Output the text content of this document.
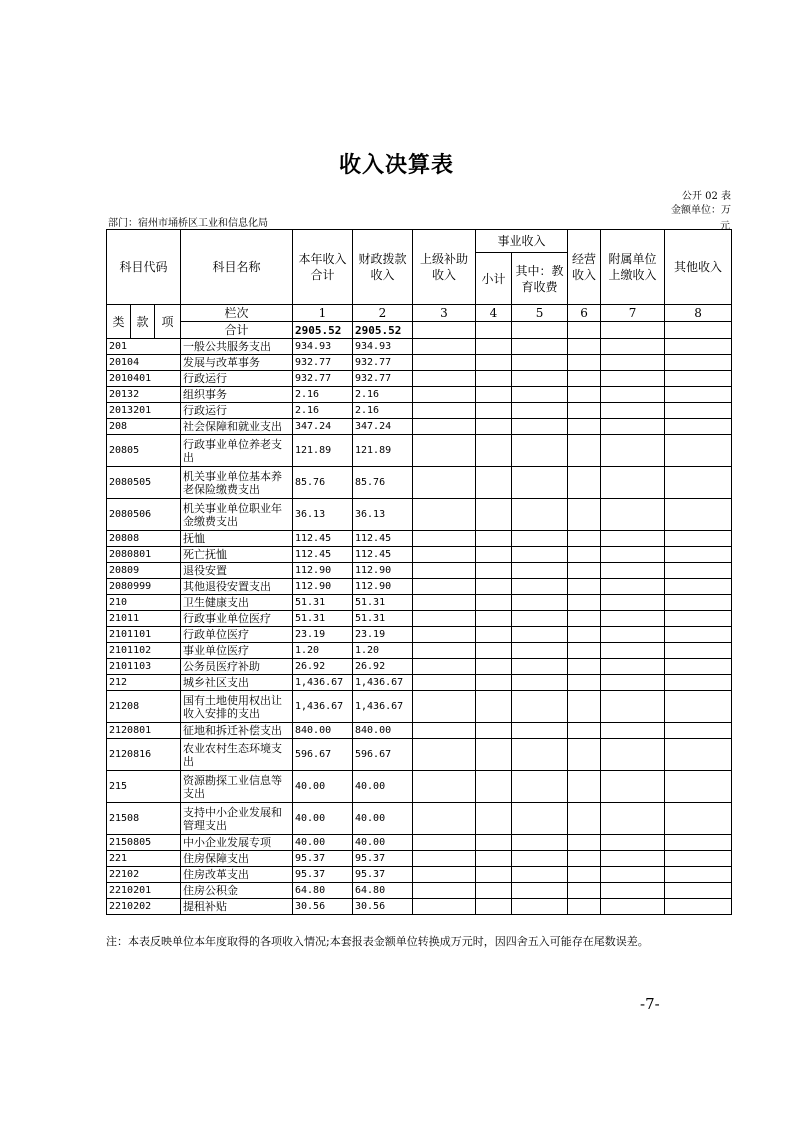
收入决算表
公开 02 表
金额单位：万
部门：宿州市埇桥区工业和信息化局	元
科目代码			科目名称	本年收入合计	财政拨款收入	上级补助收入	事业收入		经营收入	附属单位上缴收入	其他收入
							小计	其中：教育收费			

类	款	项	栏次	1	2	3	4	5	6	7	8
			合计	2905.52	2905.52						
201			一般公共服务支出	934.93	934.93						
20104			发展与改革事务	932.77	932.77						
2010401			行政运行	932.77	932.77						
20132			组织事务	2.16	2.16						
2013201			行政运行	2.16	2.16						
208			社会保障和就业支出	347.24	347.24						
20805			行政事业单位养老支出	121.89	121.89						
2080505			机关事业单位基本养老保险缴费支出	85.76	85.76						
2080506			机关事业单位职业年金缴费支出	36.13	36.13						
20808			抚恤	112.45	112.45						
2080801			死亡抚恤	112.45	112.45						
20809			退役安置	112.90	112.90						
2080999			其他退役安置支出	112.90	112.90						
210			卫生健康支出	51.31	51.31						
21011			行政事业单位医疗	51.31	51.31						
2101101			行政单位医疗	23.19	23.19						
2101102			事业单位医疗	1.20	1.20						
2101103			公务员医疗补助	26.92	26.92						
212			城乡社区支出	1,436.67	1,436.67						
21208			国有土地使用权出让收入安排的支出	1,436.67	1,436.67						
2120801			征地和拆迁补偿支出	840.00	840.00						
2120816			农业农村生态环境支出	596.67	596.67						
215			资源勘探工业信息等支出	40.00	40.00						
21508			支持中小企业发展和管理支出	40.00	40.00						
2150805			中小企业发展专项	40.00	40.00						
221			住房保障支出	95.37	95.37						
22102			住房改革支出	95.37	95.37						
2210201			住房公积金	64.80	64.80						
2210202			提租补贴	30.56	30.56						
注：本表反映单位本年度取得的各项收入情况;本套报表金额单位转换成万元时，因四舍五入可能存在尾数误差。
-7-
